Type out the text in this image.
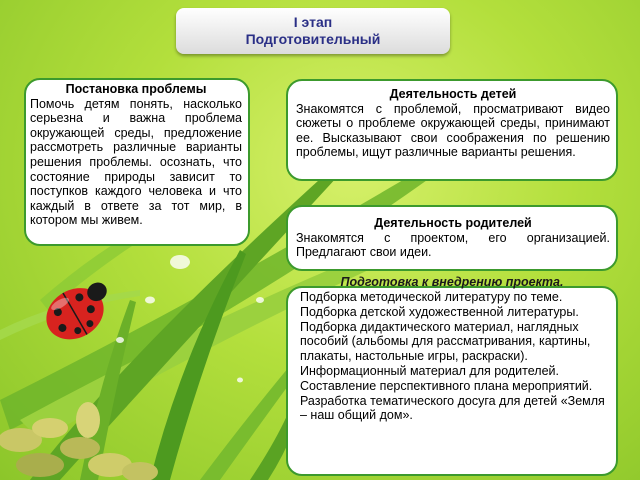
I этап
Подготовительный
Постановка проблемы
Помочь детям понять, насколько серьезна и важна проблема окружающей среды, предложение рассмотреть различные варианты решения проблемы. осознать, что состояние природы зависит то поступков каждого человека и что каждый в ответе за тот мир, в котором мы живем.
Деятельность детей
Знакомятся с проблемой, просматривают видео сюжеты о проблеме окружающей среды, принимают ее. Высказывают свои соображения по решению проблемы, ищут различные варианты решения.
Деятельность родителей
Знакомятся с проектом, его организацией. Предлагают свои идеи.
Подготовка к внедрению проекта.
Подборка методической литературу по теме.
Подборка детской художественной литературы.
Подборка дидактического материал, наглядных пособий (альбомы для рассматривания, картины, плакаты, настольные игры, раскраски).
Информационный материал для родителей.
Составление перспективного плана мероприятий.
Разработка тематического досуга для детей «Земля – наш общий дом».
